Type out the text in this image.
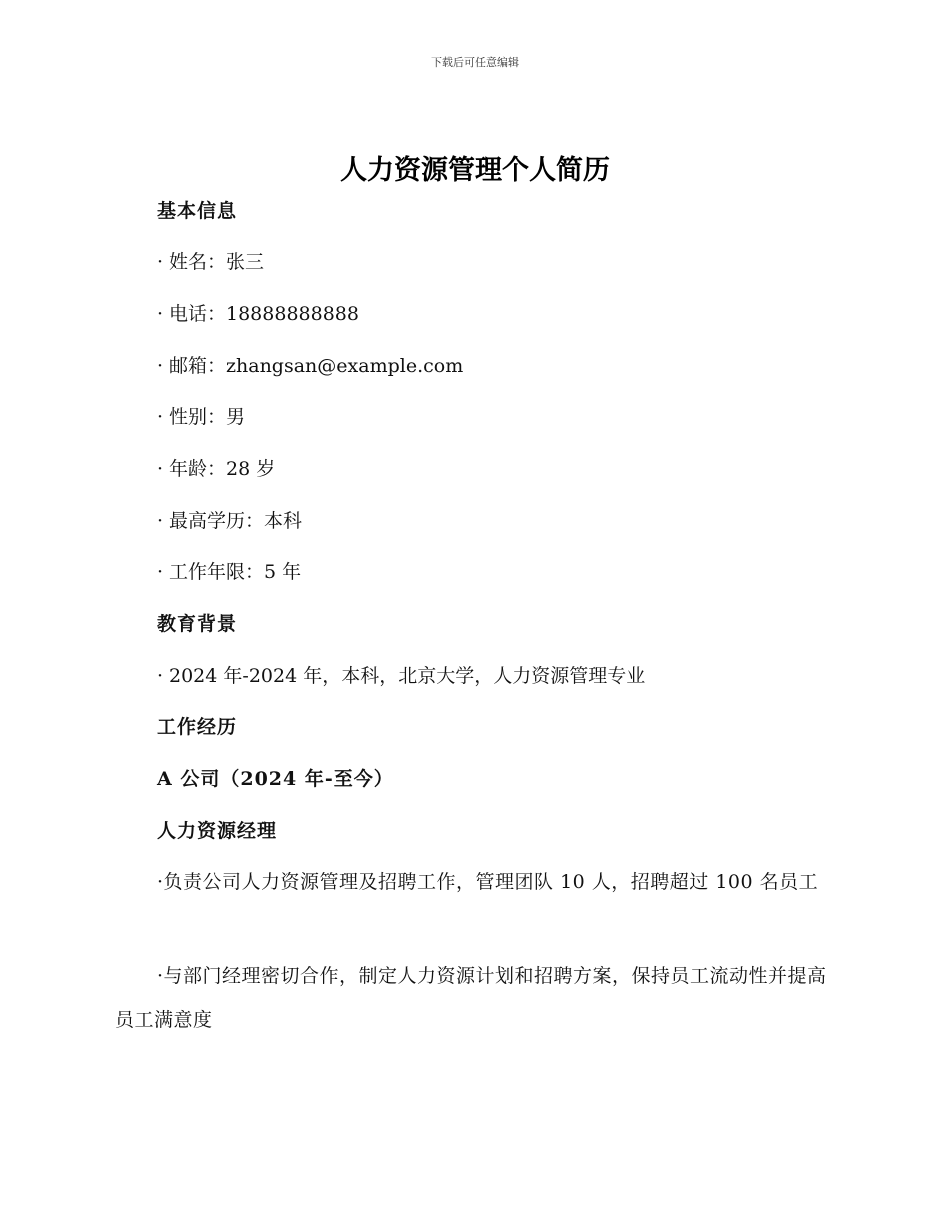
下载后可任意编辑
人力资源管理个人简历
基本信息
· 姓名：张三
· 电话：18888888888
· 邮箱：zhangsan@example.com
· 性别：男
· 年龄：28 岁
· 最高学历：本科
· 工作年限：5 年
教育背景
· 2024 年-2024 年，本科，北京大学，人力资源管理专业
工作经历
A 公司（2024 年-至今）
人力资源经理
·负责公司人力资源管理及招聘工作，管理团队 10 人，招聘超过 100 名员工
·与部门经理密切合作，制定人力资源计划和招聘方案，保持员工流动性并提高员工满意度
